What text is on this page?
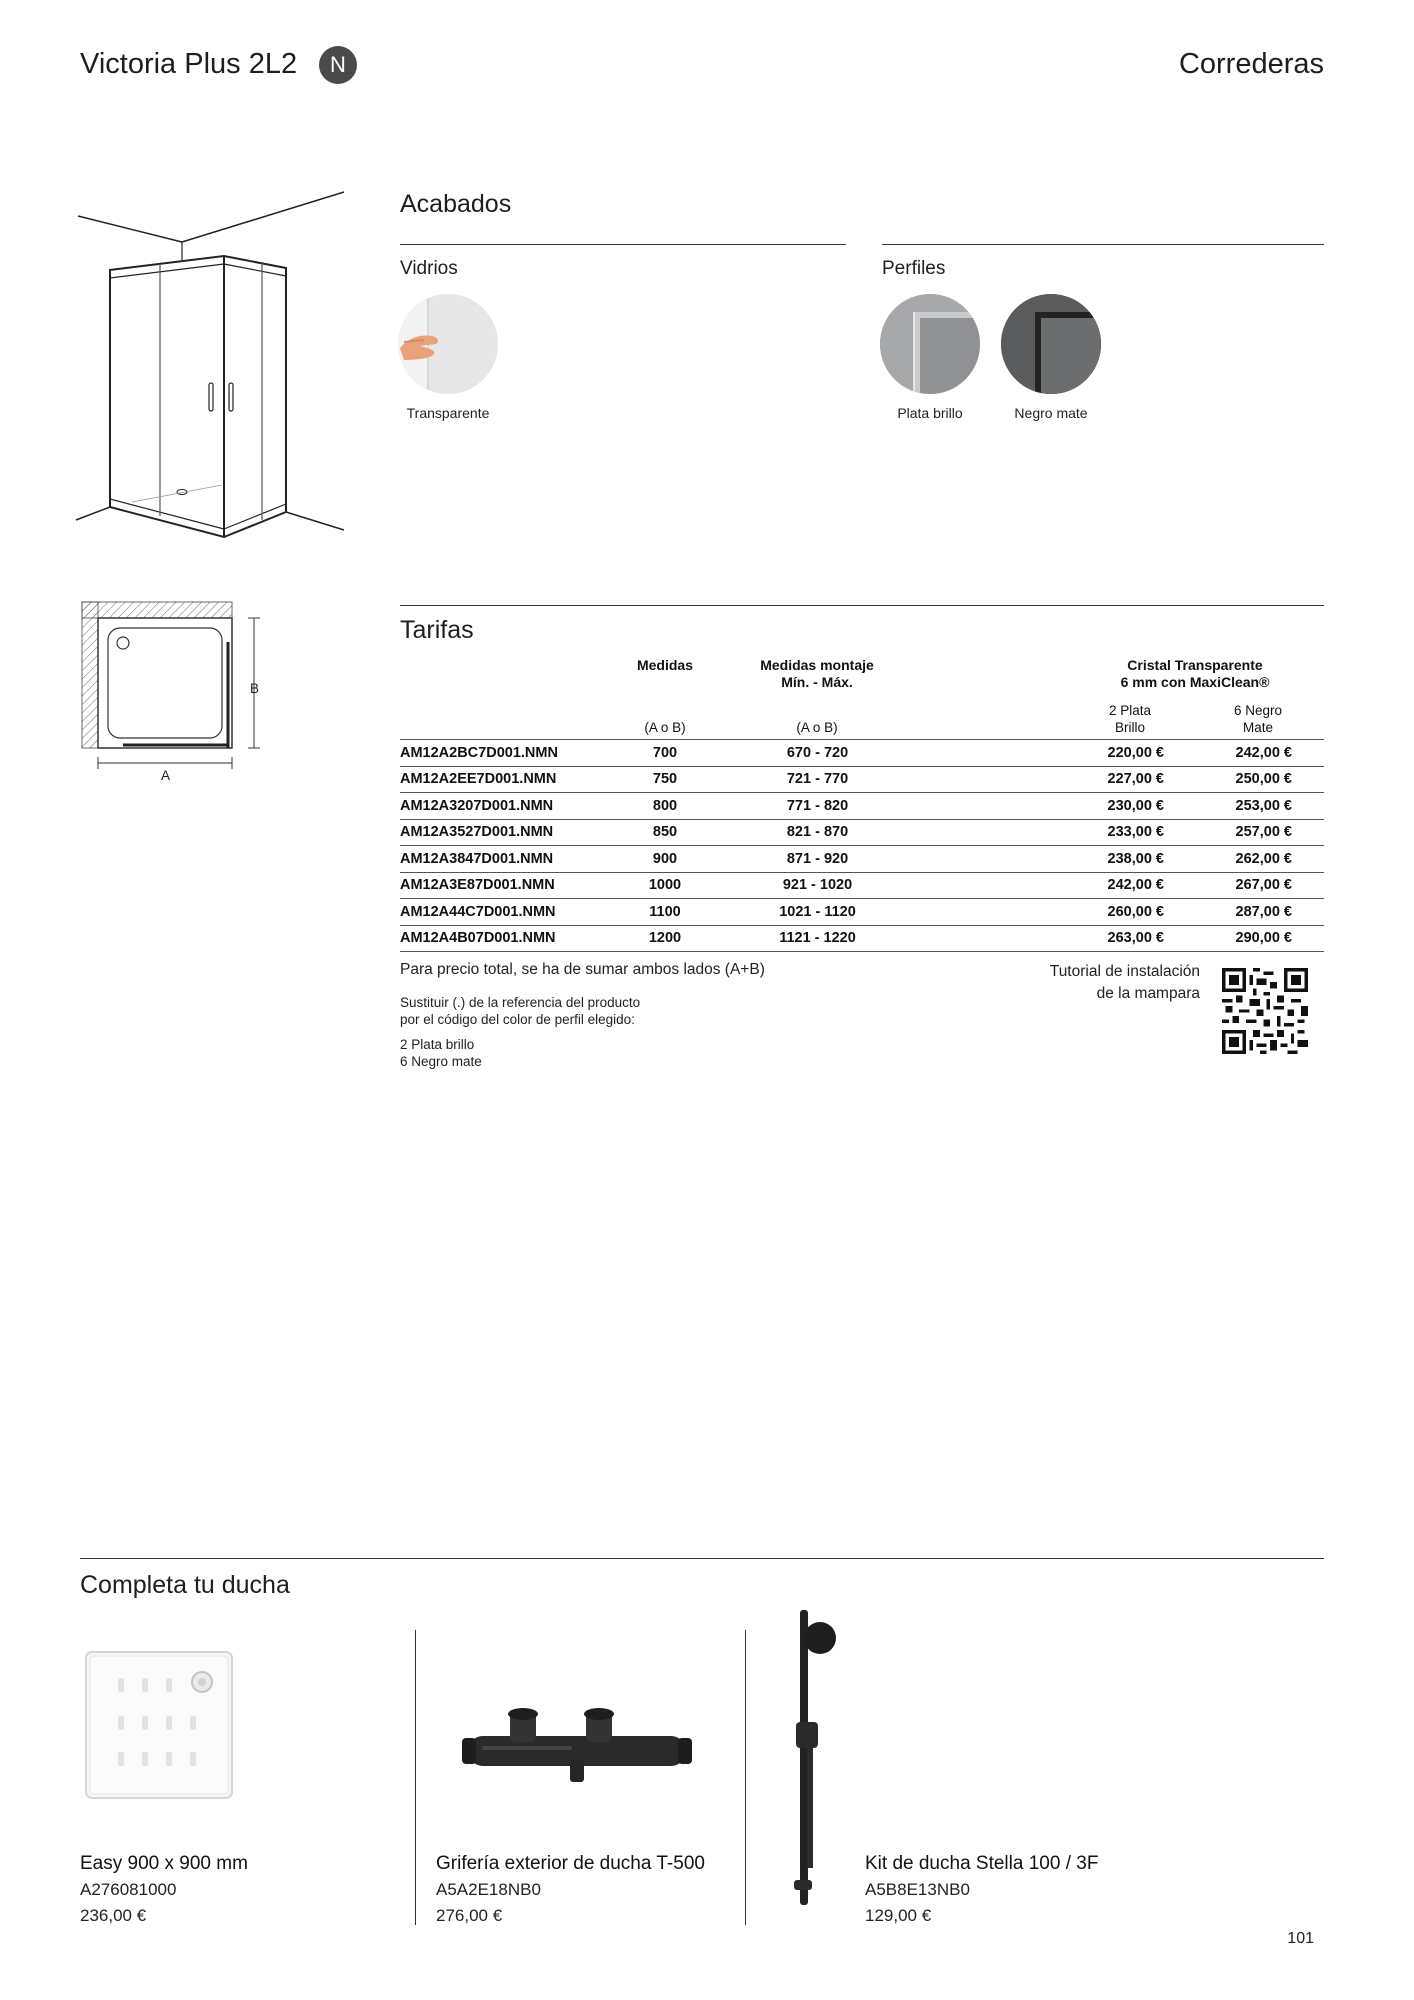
Victoria Plus 2L2	N	Correderas
A
B
Acabados
Vidrios	Perfiles
Transparente	Plata brillo	Negro mate
Tarifas
Medidas	Medidas montaje
Mín. - Máx.
Cristal Transparente
6 mm con MaxiClean®
2 Plata
Brillo
6 Negro
Mate
(A o B)	(A o B)
AM12A2BC7D001.NMN	700	670 - 720	220,00 €	242,00 €	
AM12A2EE7D001.NMN	750	721 - 770	227,00 €	250,00 €	
AM12A3207D001.NMN	800	771 - 820	230,00 €	253,00 €	
AM12A3527D001.NMN	850	821 - 870	233,00 €	257,00 €	
AM12A3847D001.NMN	900	871 - 920	238,00 €	262,00 €	
AM12A3E87D001.NMN	1000	921 - 1020	242,00 €	267,00 €	
AM12A44C7D001.NMN	1100	1021 - 1120	260,00 €	287,00 €	
AM12A4B07D001.NMN	1200	1121 - 1220	263,00 €	290,00 €	
Para precio total, se ha de sumar ambos lados (A+B)
Sustituir (.) de la referencia del producto
por el código del color de perfil elegido:
2 Plata brillo
6 Negro mate
Tutorial de instalación
de la mampara
Completa tu ducha
Easy 900 x 900 mm
A276081000
236,00 €
Grifería exterior de ducha T-500
A5A2E18NB0
276,00 €
Kit de ducha Stella 100 / 3F
A5B8E13NB0
129,00 €
101
